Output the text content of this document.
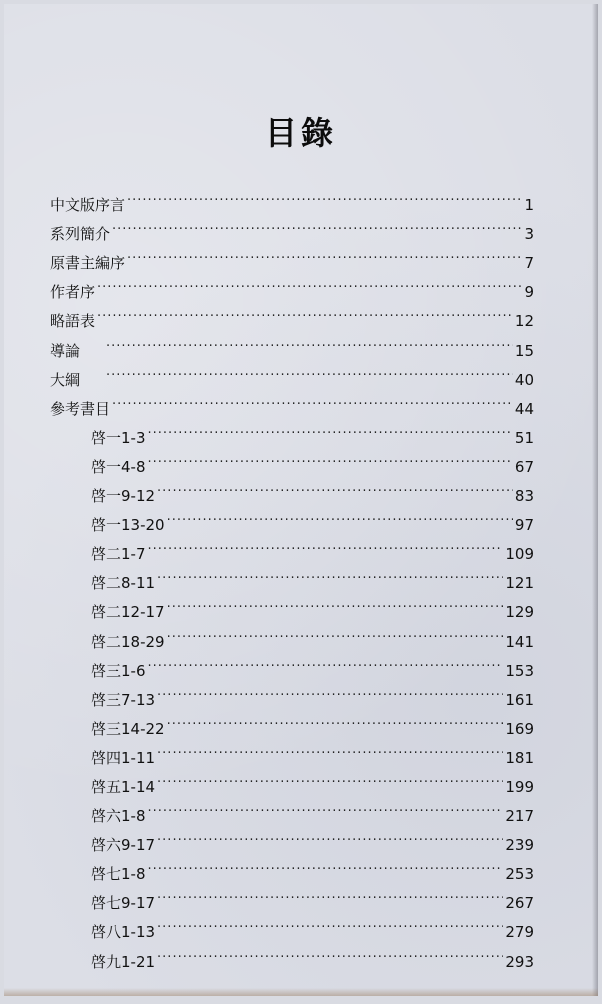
目錄
中文版序言 .....	1
系列簡介 .....	3
原書主編序 .....	7
作者序 .....	9
略語表 .....	12
導論 .....	15
大綱 .....	40
參考書目 .....	44
啓一1-3 .....	51
啓一4-8 .....	67
啓一9-12 .....	83
啓一13-20 .....	97
啓二1-7 .....	109
啓二8-11 .....	121
啓二12-17 .....	129
啓二18-29 .....	141
啓三1-6 .....	153
啓三7-13 .....	161
啓三14-22 .....	169
啓四1-11 .....	181
啓五1-14 .....	199
啓六1-8 .....	217
啓六9-17 .....	239
啓七1-8 .....	253
啓七9-17 .....	267
啓八1-13 .....	279
啓九1-21 .....	293
